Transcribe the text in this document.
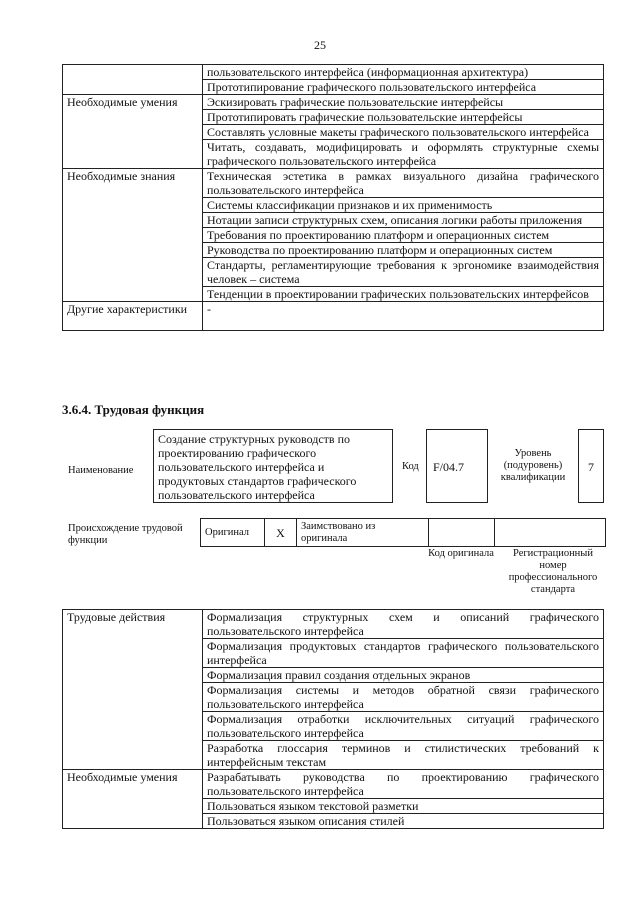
25
	пользовательского интерфейса (информационная архитектура)
	Прототипирование графического пользовательского интерфейса
Необходимые умения	Эскизировать графические пользовательские интерфейсы
	Прототипировать графические пользовательские интерфейсы
	Составлять условные макеты графического пользовательского интерфейса
	Читать, создавать, модифицировать и оформлять структурные схемы графического пользовательского интерфейса
Необходимые знания	Техническая эстетика в рамках визуального дизайна графического пользовательского интерфейса
	Системы классификации признаков и их применимость
	Нотации записи структурных схем, описания логики работы приложения
	Требования по проектированию платформ и операционных систем
	Руководства по проектированию платформ и операционных систем
	Стандарты, регламентирующие требования к эргономике взаимодействия человек – система
	Тенденции в проектировании графических пользовательских интерфейсов
Другие характеристики	-
3.6.4. Трудовая функция
Наименование
Создание структурных руководств по проектированию графического пользовательского интерфейса и продуктовых стандартов графического пользовательского интерфейса
Код	F/04.7
Уровень (подуровень) квалификации
7
Происхождение трудовой функции
Оригинал	X	Заимствовано из оригинала		
Код оригинала	Регистрационный номер профессионального стандарта
Трудовые действия	Формализация структурных схем и описаний графического пользовательского интерфейса
	Формализация продуктовых стандартов графического пользовательского интерфейса
	Формализация правил создания отдельных экранов
	Формализация системы и методов обратной связи графического пользовательского интерфейса
	Формализация отработки исключительных ситуаций графического пользовательского интерфейса
	Разработка глоссария терминов и стилистических требований к интерфейсным текстам
Необходимые умения	Разрабатывать руководства по проектированию графического пользовательского интерфейса
	Пользоваться языком текстовой разметки
	Пользоваться языком описания стилей
